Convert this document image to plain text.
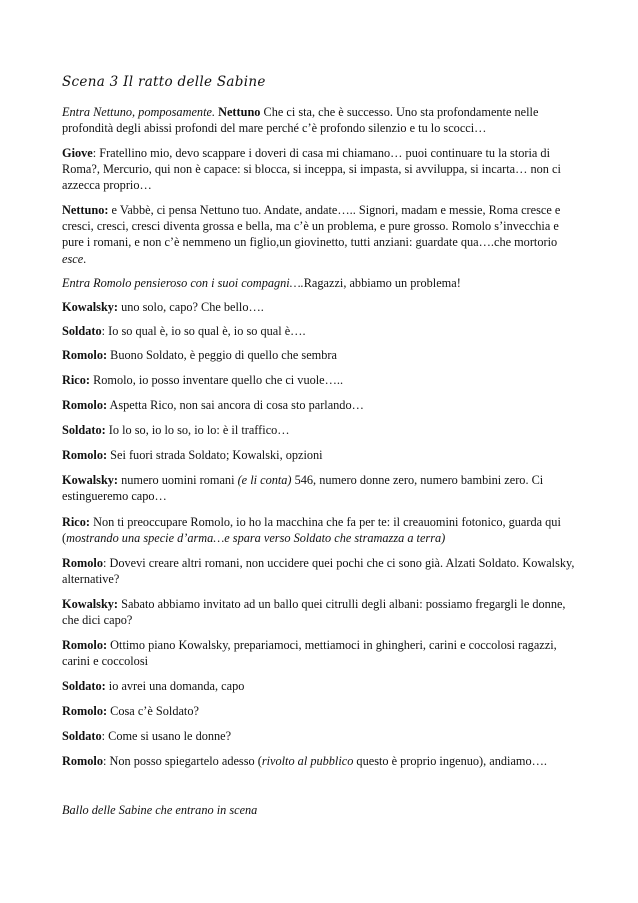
Scena 3 Il ratto delle Sabine

Entra Nettuno, pomposamente. Nettuno Che ci sta, che è successo. Uno sta profondamente nelle profondità degli abissi profondi del mare perché c’è profondo silenzio e tu lo scocci…

Giove: Fratellino mio, devo scappare i doveri di casa mi chiamano… puoi continuare tu la storia di Roma?, Mercurio, qui non è capace: si blocca, si inceppa, si impasta, si avviluppa, si incarta… non ci azzecca proprio…

Nettuno: e Vabbè, ci pensa Nettuno tuo. Andate, andate….. Signori, madam e messie, Roma cresce e cresci, cresci, cresci diventa grossa e bella, ma c’è un problema, e pure grosso. Romolo s’invecchia e pure i romani, e non c’è nemmeno un figlio,un giovinetto, tutti anziani: guardate qua….che mortorio esce.

Entra Romolo pensieroso con i suoi compagni….Ragazzi, abbiamo un problema!

Kowalsky: uno solo, capo? Che bello….

Soldato: Io so qual è, io so qual è, io so qual è….

Romolo: Buono Soldato, è peggio di quello che sembra

Rico: Romolo, io posso inventare quello che ci vuole…..

Romolo: Aspetta Rico, non sai ancora di cosa sto parlando…

Soldato: Io lo so, io lo so, io lo: è il traffico…

Romolo: Sei fuori strada Soldato; Kowalski, opzioni

Kowalsky: numero uomini romani (e li conta) 546, numero donne zero, numero bambini zero. Ci estingueremo capo…

Rico: Non ti preoccupare Romolo, io ho la macchina che fa per te: il creauomini fotonico, guarda qui (mostrando una specie d’arma…e spara verso Soldato che stramazza a terra)

Romolo: Dovevi creare altri romani, non uccidere quei pochi che ci sono già. Alzati Soldato. Kowalsky, alternative?

Kowalsky: Sabato abbiamo invitato ad un ballo quei citrulli degli albani: possiamo fregargli le donne, che dici capo?

Romolo: Ottimo piano Kowalsky, prepariamoci, mettiamoci in ghingheri, carini e coccolosi ragazzi, carini e coccolosi

Soldato: io avrei una domanda, capo

Romolo: Cosa c’è Soldato?

Soldato: Come si usano le donne?

Romolo: Non posso spiegartelo adesso (rivolto al pubblico questo è proprio ingenuo), andiamo….

Ballo delle Sabine che entrano in scena
